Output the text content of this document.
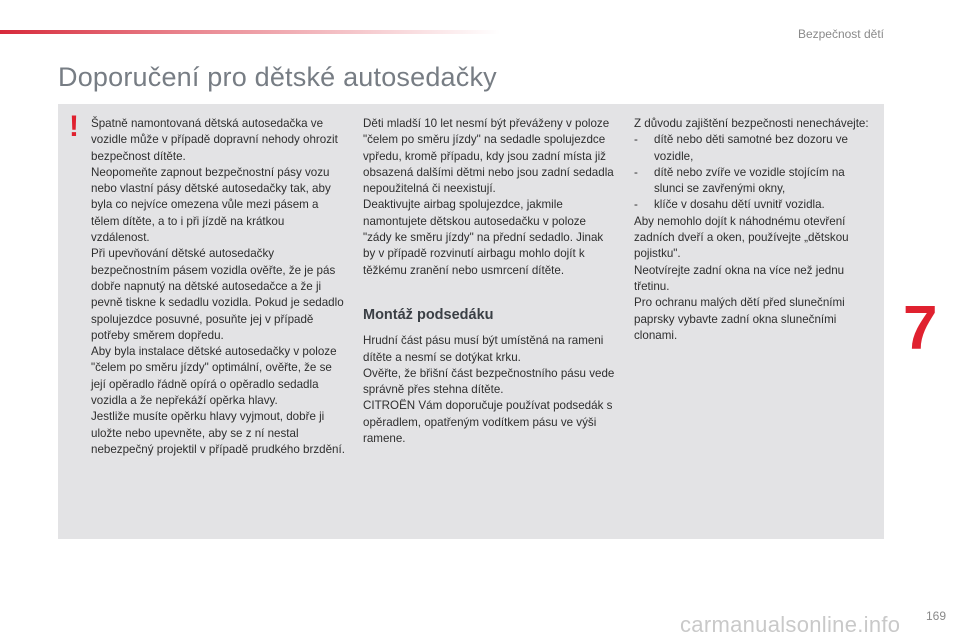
Bezpečnost dětí
Doporučení pro dětské autosedačky
! Špatně namontovaná dětská autosedačka ve vozidle může v případě dopravní nehody ohrozit bezpečnost dítěte.

Neopomeňte zapnout bezpečnostní pásy vozu nebo vlastní pásy dětské autosedačky tak, aby byla co nejvíce omezena vůle mezi pásem a tělem dítěte, a to i při jízdě na krátkou vzdálenost.

Při upevňování dětské autosedačky bezpečnostním pásem vozidla ověřte, že je pás dobře napnutý na dětské autosedačce a že ji pevně tiskne k sedadlu vozidla. Pokud je sedadlo spolujezdce posuvné, posuňte jej v případě potřeby směrem dopředu.

Aby byla instalace dětské autosedačky v poloze "čelem po směru jízdy" optimální, ověřte, že se její opěradlo řádně opírá o opěradlo sedadla vozidla a že nepřekáží opěrka hlavy.

Jestliže musíte opěrku hlavy vyjmout, dobře ji uložte nebo upevněte, aby se z ní nestal nebezpečný projektil v případě prudkého brzdění.

Děti mladší 10 let nesmí být převáženy v poloze "čelem po směru jízdy" na sedadle spolujezdce vpředu, kromě případu, kdy jsou zadní místa již obsazená dalšími dětmi nebo jsou zadní sedadla nepoužitelná či neexistují.

Deaktivujte airbag spolujezdce, jakmile namontujete dětskou autosedačku v poloze "zády ke směru jízdy" na přední sedadlo. Jinak by v případě rozvinutí airbagu mohlo dojít k těžkému zranění nebo usmrcení dítěte.

Montáž podsedáku

Hrudní část pásu musí být umístěná na rameni dítěte a nesmí se dotýkat krku.

Ověřte, že břišní část bezpečnostního pásu vede správně přes stehna dítěte.

CITROËN Vám doporučuje používat podsedák s opěradlem, opatřeným vodítkem pásu ve výši ramene.

Z důvodu zajištění bezpečnosti nenechávejte:

- dítě nebo děti samotné bez dozoru ve vozidle,
- dítě nebo zvíře ve vozidle stojícím na slunci se zavřenými okny,
- klíče v dosahu dětí uvnitř vozidla.

Aby nemohlo dojít k náhodnému otevření zadních dveří a oken, používejte „dětskou pojistku".

Neotvírejte zadní okna na více než jednu třetinu.

Pro ochranu malých dětí před slunečními paprsky vybavte zadní okna slunečními clonami.	7
carmanualsonline.info 169
